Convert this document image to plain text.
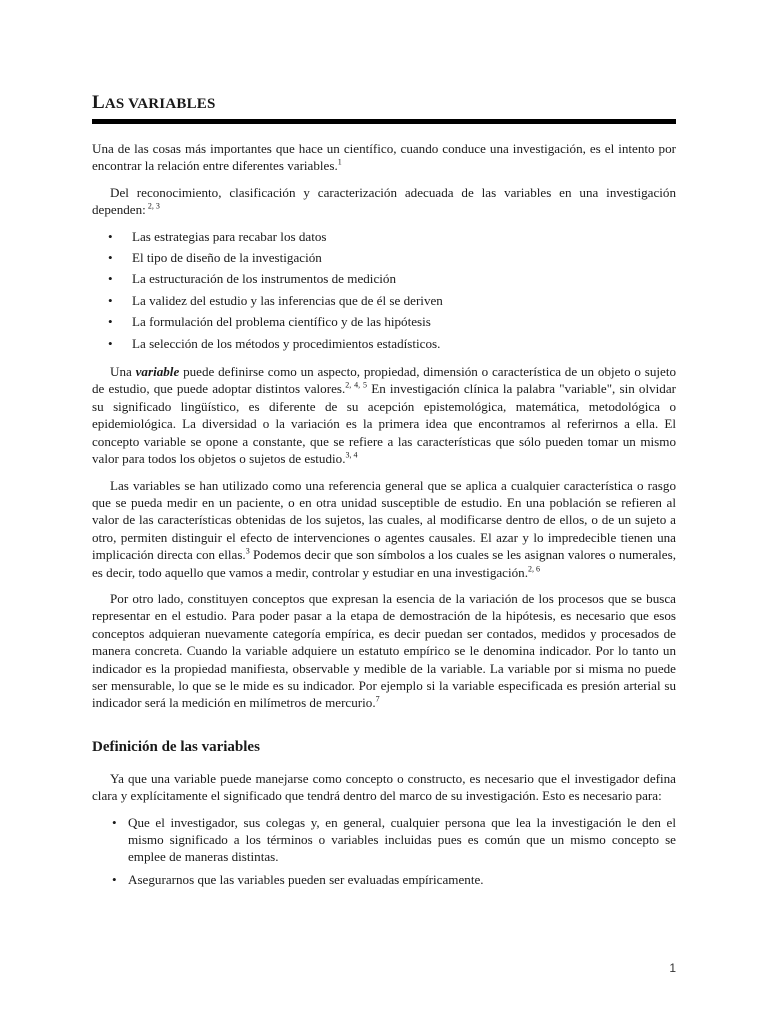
LAS VARIABLES

Una de las cosas más importantes que hace un científico, cuando conduce una investigación, es el intento por encontrar la relación entre diferentes variables.$^1$

Del reconocimiento, clasificación y caracterización adecuada de las variables en una investigación dependen: $^{2, 3}$

• Las estrategias para recabar los datos
• El tipo de diseño de la investigación
• La estructuración de los instrumentos de medición
• La validez del estudio y las inferencias que de él se deriven
• La formulación del problema científico y de las hipótesis
• La selección de los métodos y procedimientos estadísticos.

Una variable puede definirse como un aspecto, propiedad, dimensión o característica de un objeto o sujeto de estudio, que puede adoptar distintos valores.$^{2, 4, 5}$ En investigación clínica la palabra "variable", sin olvidar su significado lingüístico, es diferente de su acepción epistemológica, matemática, metodológica o epidemiológica. La diversidad o la variación es la primera idea que encontramos al referirnos a ella. El concepto variable se opone a constante, que se refiere a las características que sólo pueden tomar un mismo valor para todos los objetos o sujetos de estudio.$^{3, 4}$

Las variables se han utilizado como una referencia general que se aplica a cualquier característica o rasgo que se pueda medir en un paciente, o en otra unidad susceptible de estudio. En una población se refieren al valor de las características obtenidas de los sujetos, las cuales, al modificarse dentro de ellos, o de un sujeto a otro, permiten distinguir el efecto de intervenciones o agentes causales. El azar y lo impredecible tienen una implicación directa con ellas.$^3$ Podemos decir que son símbolos a los cuales se les asignan valores o numerales, es decir, todo aquello que vamos a medir, controlar y estudiar en una investigación.$^{2, 6}$

Por otro lado, constituyen conceptos que expresan la esencia de la variación de los procesos que se busca representar en el estudio. Para poder pasar a la etapa de demostración de la hipótesis, es necesario que esos conceptos adquieran nuevamente categoría empírica, es decir puedan ser contados, medidos y procesados de manera concreta. Cuando la variable adquiere un estatuto empírico se le denomina indicador. Por lo tanto un indicador es la propiedad manifiesta, observable y medible de la variable. La variable por si misma no puede ser mensurable, lo que se le mide es su indicador. Por ejemplo si la variable especificada es presión arterial su indicador será la medición en milímetros de mercurio.$^7$

Definición de las variables

Ya que una variable puede manejarse como concepto o constructo, es necesario que el investigador defina clara y explícitamente el significado que tendrá dentro del marco de su investigación. Esto es necesario para:

• Que el investigador, sus colegas y, en general, cualquier persona que lea la investigación le den el mismo significado a los términos o variables incluidas pues es común que un mismo concepto se emplee de maneras distintas.
• Asegurarnos que las variables pueden ser evaluadas empíricamente.
1
